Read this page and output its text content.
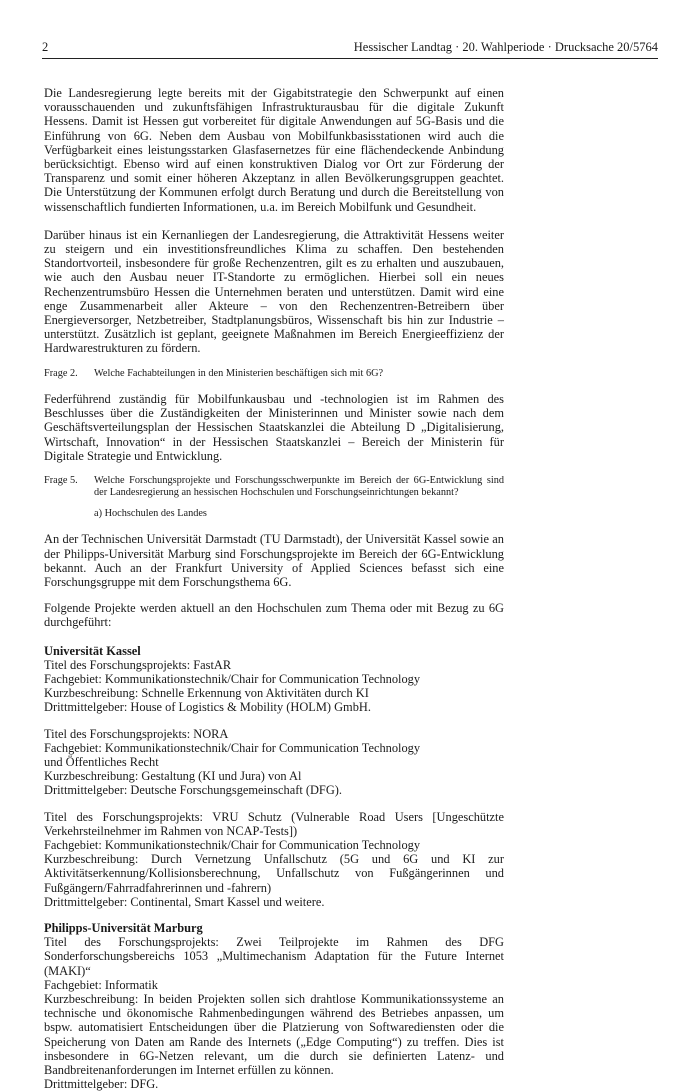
2	Hessischer Landtag · 20. Wahlperiode · Drucksache 20/5764

Die Landesregierung legte bereits mit der Gigabitstrategie den Schwerpunkt auf einen vorausschauenden und zukunftsfähigen Infrastrukturausbau für die digitale Zukunft Hessens. Damit ist Hessen gut vorbereitet für digitale Anwendungen auf 5G-Basis und die Einführung von 6G. Neben dem Ausbau von Mobilfunkbasisstationen wird auch die Verfügbarkeit eines leistungsstarken Glasfasernetzes für eine flächendeckende Anbindung berücksichtigt. Ebenso wird auf einen konstruktiven Dialog vor Ort zur Förderung der Transparenz und somit einer höheren Akzeptanz in allen Bevölkerungsgruppen geachtet. Die Unterstützung der Kommunen erfolgt durch Beratung und durch die Bereitstellung von wissenschaftlich fundierten Informationen, u.a. im Bereich Mobilfunk und Gesundheit.

Darüber hinaus ist ein Kernanliegen der Landesregierung, die Attraktivität Hessens weiter zu steigern und ein investitionsfreundliches Klima zu schaffen. Den bestehenden Standortvorteil, insbesondere für große Rechenzentren, gilt es zu erhalten und auszubauen, wie auch den Ausbau neuer IT-Standorte zu ermöglichen. Hierbei soll ein neues Rechenzentrumsbüro Hessen die Unternehmen beraten und unterstützen. Damit wird eine enge Zusammenarbeit aller Akteure – von den Rechenzentren-Betreibern über Energieversorger, Netzbetreiber, Stadtplanungsbüros, Wissenschaft bis hin zur Industrie – unterstützt. Zusätzlich ist geplant, geeignete Maßnahmen im Bereich Energieeffizienz der Hardwarestrukturen zu fördern.

Frage 2.	Welche Fachabteilungen in den Ministerien beschäftigen sich mit 6G?

Federführend zuständig für Mobilfunkausbau und -technologien ist im Rahmen des Beschlusses über die Zuständigkeiten der Ministerinnen und Minister sowie nach dem Geschäftsverteilungsplan der Hessischen Staatskanzlei die Abteilung D „Digitalisierung, Wirtschaft, Innovation“ in der Hessischen Staatskanzlei – Bereich der Ministerin für Digitale Strategie und Entwicklung.

Frage 5.	Welche Forschungsprojekte und Forschungsschwerpunkte im Bereich der 6G-Entwicklung sind der Landesregierung an hessischen Hochschulen und Forschungseinrichtungen bekannt?
a) Hochschulen des Landes

An der Technischen Universität Darmstadt (TU Darmstadt), der Universität Kassel sowie an der Philipps-Universität Marburg sind Forschungsprojekte im Bereich der 6G-Entwicklung bekannt. Auch an der Frankfurt University of Applied Sciences befasst sich eine Forschungsgruppe mit dem Forschungsthema 6G.

Folgende Projekte werden aktuell an den Hochschulen zum Thema oder mit Bezug zu 6G durchgeführt:

Universität Kassel

Titel des Forschungsprojekts: FastAR

Fachgebiet: Kommunikationstechnik/Chair for Communication Technology

Kurzbeschreibung: Schnelle Erkennung von Aktivitäten durch KI

Drittmittelgeber: House of Logistics & Mobility (HOLM) GmbH.

Titel des Forschungsprojekts: NORA

Fachgebiet: Kommunikationstechnik/Chair for Communication Technology

und Öffentliches Recht

Kurzbeschreibung: Gestaltung (KI und Jura) von Al

Drittmittelgeber: Deutsche Forschungsgemeinschaft (DFG).

Titel des Forschungsprojekts: VRU Schutz (Vulnerable Road Users [Ungeschützte Verkehrsteilnehmer im Rahmen von NCAP-Tests])

Fachgebiet: Kommunikationstechnik/Chair for Communication Technology

Kurzbeschreibung: Durch Vernetzung Unfallschutz (5G und 6G und KI zur Aktivitätserkennung/Kollisionsberechnung, Unfallschutz von Fußgängerinnen und Fußgängern/Fahrradfahrerinnen und -fahrern)

Drittmittelgeber: Continental, Smart Kassel und weitere.

Philipps-Universität Marburg

Titel des Forschungsprojekts: Zwei Teilprojekte im Rahmen des DFG Sonderforschungsbereichs 1053 „Multimechanism Adaptation für the Future Internet (MAKI)“

Fachgebiet: Informatik

Kurzbeschreibung: In beiden Projekten sollen sich drahtlose Kommunikationssysteme an technische und ökonomische Rahmenbedingungen während des Betriebes anpassen, um bspw. automatisiert Entscheidungen über die Platzierung von Softwarediensten oder die Speicherung von Daten am Rande des Internets („Edge Computing“) zu treffen. Dies ist insbesondere in 6G-Netzen relevant, um die durch sie definierten Latenz- und Bandbreitenanforderungen im Internet erfüllen zu können.

Drittmittelgeber: DFG.
